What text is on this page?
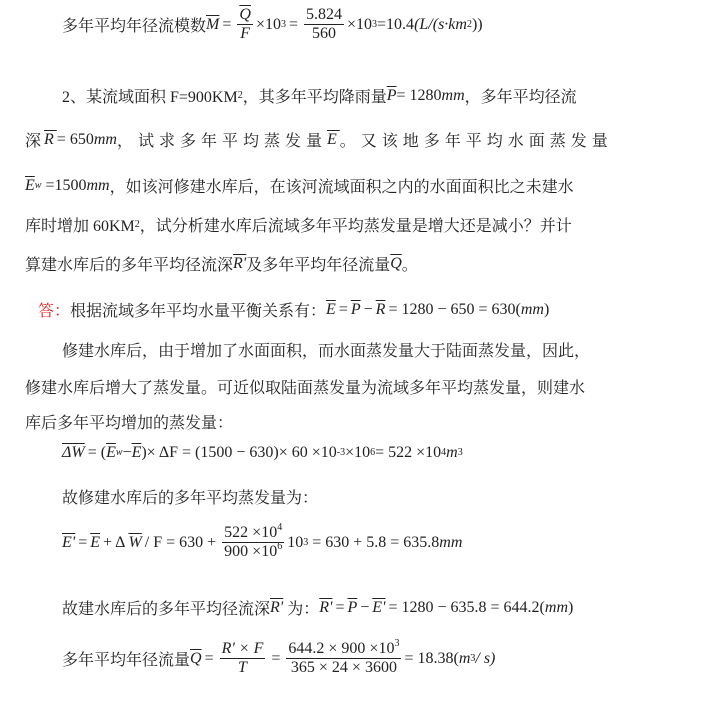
多年平均年径流模数 $\overline{M} = \frac{\overline{Q}}{F} \times 10$ $3 = \frac{5.824}{560} \times 10$ 3 =10.4 (L/(s·km 2 ))
2、某流域面积 F=900KM 2 ，其多年平均降雨量 $\overline{P} = 1280$ mm ，多年平均径流
深 $\overline{R} = 650$ mm ，试求多年平均蒸发量 $\overline{E}$ 。又该地多年平均水面蒸发量
$\overline{E}$ w =1500 mm ，如该河修建水库后，在该河流域面积之内的水面面积比之未建水
库时增加 60KM 2 ，试分析建水库后流域多年平均蒸发量是增大还是减小？并计
算建水库后的多年平均径流深 R' 及多年平均年径流量 $\overline{Q}$ 。
答： 根据流域多年平均水量平衡关系有： $\overline{E} = \overline{P} - \overline{R} = 1280 - 650 = 630$( mm )
修建水库后，由于增加了水面面积，而水面蒸发量大于陆面蒸发量，因此，
修建水库后增大了蒸发量。可近似取陆面蒸发量为流域多年平均蒸发量，则建水
库后多年平均增加的蒸发量：
$\overline{\Delta W}$ = ( $\overline{E}$ $w - \overline{E}$ )× ΔF = (1500 − 630)× 60 ×10 -3 ×10 6 = 522 ×10 4 m 3
故修建水库后的多年平均蒸发量为：
$E' = \overline{E} + \Delta$ $\overline{W} / F = 630 + \frac{522 \times 10^4}{900 \times 10^6} 10$ 3 = 630 + 5.8 = 635.8 mm
故建水库后的多年平均径流深 R' 为： $R' = \overline{P} - E' = 1280 - 635.8 = 644.2$( mm )
多年平均年径流量 $\overline{Q} = \frac{R' \times F}{T} = \frac{644.2 \times 900 \times 10^3}{365 \times 24 \times 3600} = 18.38$( m 3 / s)
